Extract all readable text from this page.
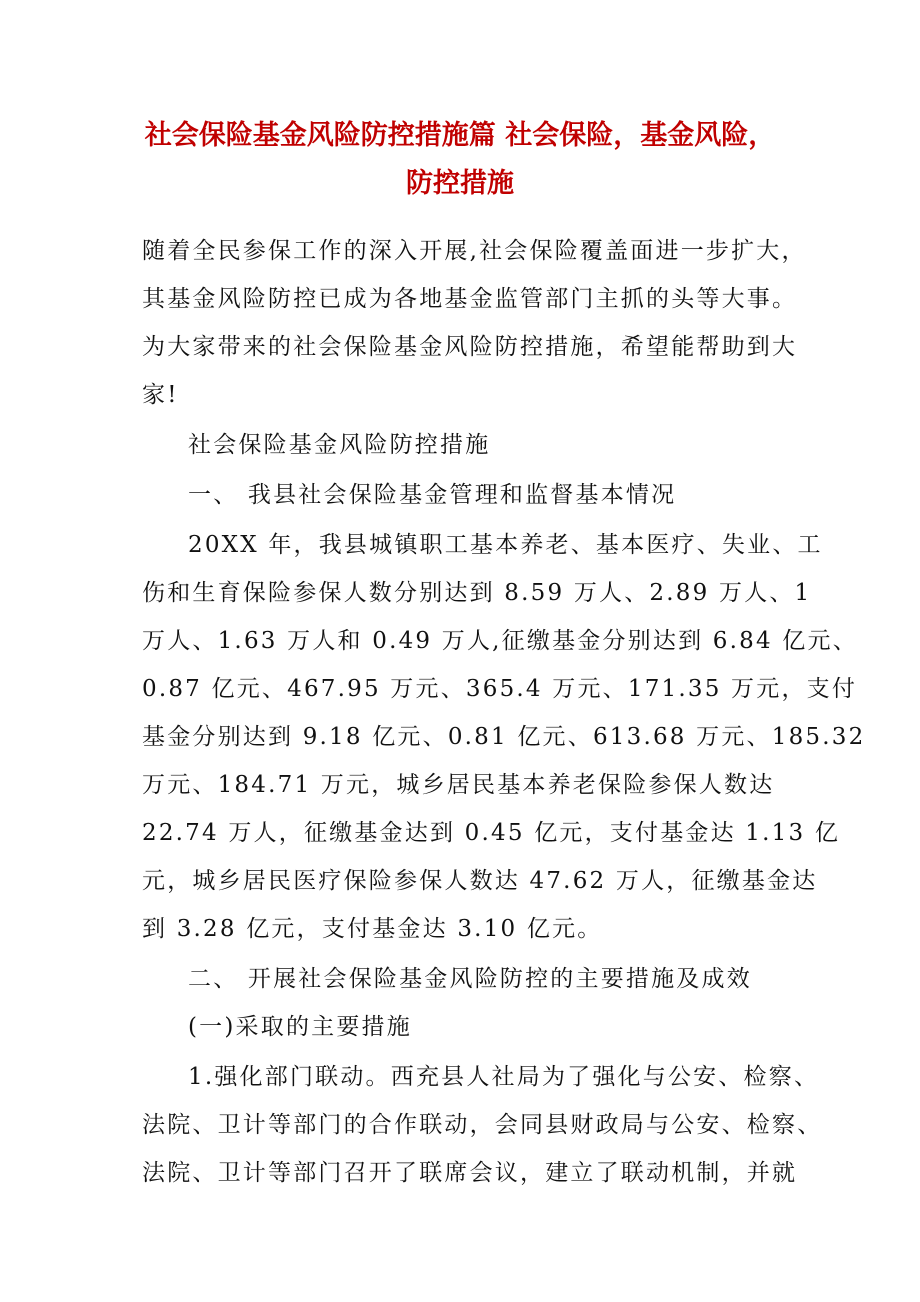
社会保险基金风险防控措施篇 社会保险，基金风险，
防控措施

随着全民参保工作的深入开展,社会保险覆盖面进一步扩大，

其基金风险防控已成为各地基金监管部门主抓的头等大事。

为大家带来的社会保险基金风险防控措施，希望能帮助到大

家!

社会保险基金风险防控措施

一、 我县社会保险基金管理和监督基本情况

20XX 年，我县城镇职工基本养老、基本医疗、失业、工

伤和生育保险参保人数分别达到 8.59 万人、2.89 万人、1

万人、1.63 万人和 0.49 万人,征缴基金分别达到 6.84 亿元、

0.87 亿元、467.95 万元、365.4 万元、171.35 万元，支付

基金分别达到 9.18 亿元、0.81 亿元、613.68 万元、185.32

万元、184.71 万元，城乡居民基本养老保险参保人数达

22.74 万人，征缴基金达到 0.45 亿元，支付基金达 1.13 亿

元，城乡居民医疗保险参保人数达 47.62 万人，征缴基金达

到 3.28 亿元，支付基金达 3.10 亿元。

二、 开展社会保险基金风险防控的主要措施及成效

(一)采取的主要措施

1.强化部门联动。西充县人社局为了强化与公安、检察、

法院、卫计等部门的合作联动，会同县财政局与公安、检察、

法院、卫计等部门召开了联席会议，建立了联动机制，并就
